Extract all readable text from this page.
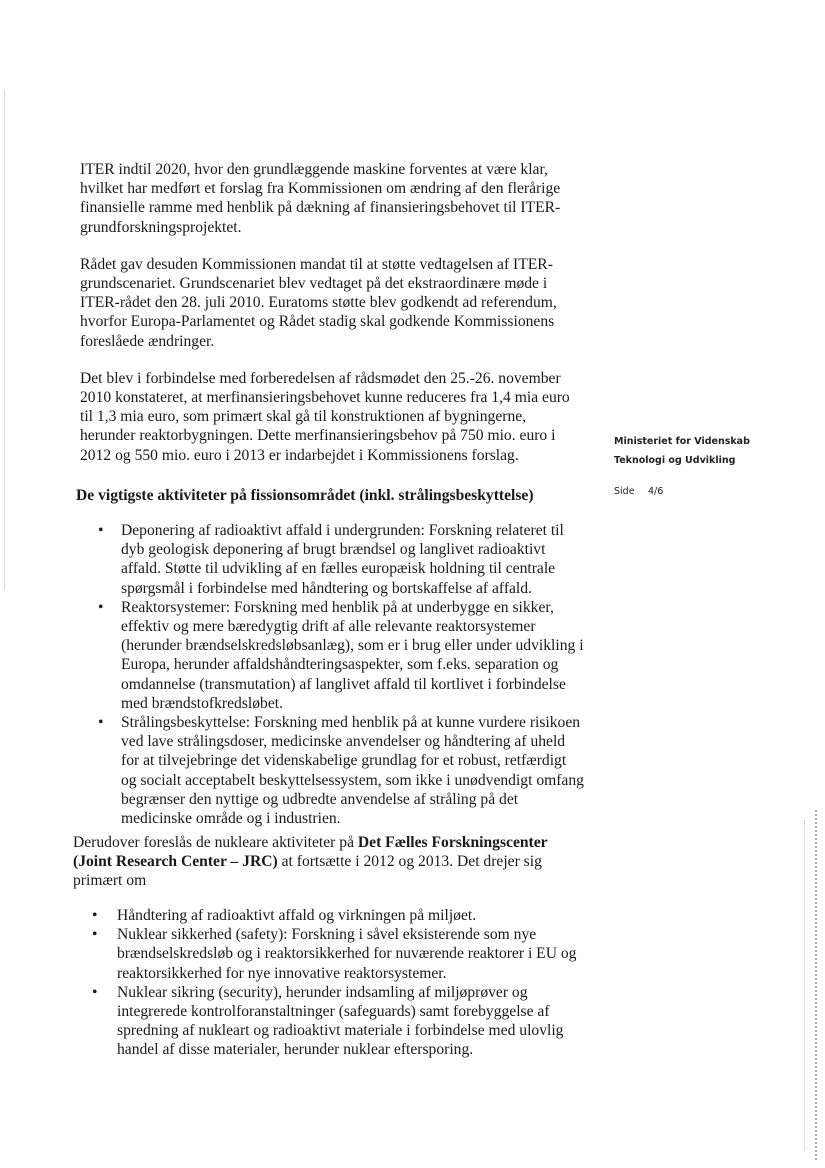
ITER indtil 2020, hvor den grundlæggende maskine forventes at være klar, hvilket har medført et forslag fra Kommissionen om ændring af den flerårige finansielle ramme med henblik på dækning af finansieringsbehovet til ITER-grundforskningsprojektet.

Rådet gav desuden Kommissionen mandat til at støtte vedtagelsen af ITER-grundscenariet. Grundscenariet blev vedtaget på det ekstraordinære møde i ITER-rådet den 28. juli 2010. Euratoms støtte blev godkendt ad referendum, hvorfor Europa-Parlamentet og Rådet stadig skal godkende Kommissionens foreslåede ændringer.

Det blev i forbindelse med forberedelsen af rådsmødet den 25.-26. november 2010 konstateret, at merfinansieringsbehovet kunne reduceres fra 1,4 mia euro til 1,3 mia euro, som primært skal gå til konstruktionen af bygningerne, herunder reaktorbygningen. Dette merfinansieringsbehov på 750 mio. euro i 2012 og 550 mio. euro i 2013 er indarbejdet i Kommissionens forslag.

De vigtigste aktiviteter på fissionsområdet (inkl. strålingsbeskyttelse)
• Deponering af radioaktivt affald i undergrunden: Forskning relateret til dyb geologisk deponering af brugt brændsel og langlivet radioaktivt affald. Støtte til udvikling af en fælles europæisk holdning til centrale spørgsmål i forbindelse med håndtering og bortskaffelse af affald.
• Reaktorsystemer: Forskning med henblik på at underbygge en sikker, effektiv og mere bæredygtig drift af alle relevante reaktorsystemer (herunder brændselskredsløbsanlæg), som er i brug eller under udvikling i Europa, herunder affaldshåndteringsaspekter, som f.eks. separation og omdannelse (transmutation) af langlivet affald til kortlivet i forbindelse med brændstofkredsløbet.
• Strålingsbeskyttelse: Forskning med henblik på at kunne vurdere risikoen ved lave strålingsdoser, medicinske anvendelser og håndtering af uheld for at tilvejebringe det videnskabelige grundlag for et robust, retfærdigt og socialt acceptabelt beskyttelsessystem, som ikke i unødvendigt omfang begrænser den nyttige og udbredte anvendelse af stråling på det medicinske område og i industrien.

Derudover foreslås de nukleare aktiviteter på Det Fælles Forskningscenter (Joint Research Center – JRC) at fortsætte i 2012 og 2013. Det drejer sig primært om

• Håndtering af radioaktivt affald og virkningen på miljøet.
• Nuklear sikkerhed (safety): Forskning i såvel eksisterende som nye brændselskredsløb og i reaktorsikkerhed for nuværende reaktorer i EU og reaktorsikkerhed for nye innovative reaktorsystemer.
• Nuklear sikring (security), herunder indsamling af miljøprøver og integrerede kontrolforanstaltninger (safeguards) samt forebyggelse af spredning af nukleart og radioaktivt materiale i forbindelse med ulovlig handel af disse materialer, herunder nuklear eftersporing.
Ministeriet for Videnskab
Teknologi og Udvikling
Side 4/6
